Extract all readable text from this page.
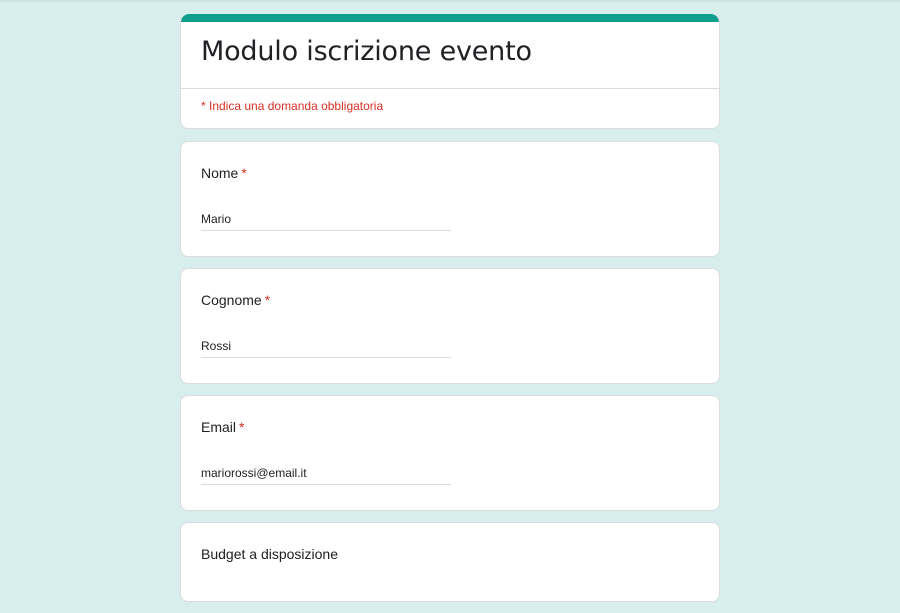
Modulo iscrizione evento
* Indica una domanda obbligatoria
Nome *
Mario
Cognome *
Rossi
Email *
mariorossi@email.it
Budget a disposizione
